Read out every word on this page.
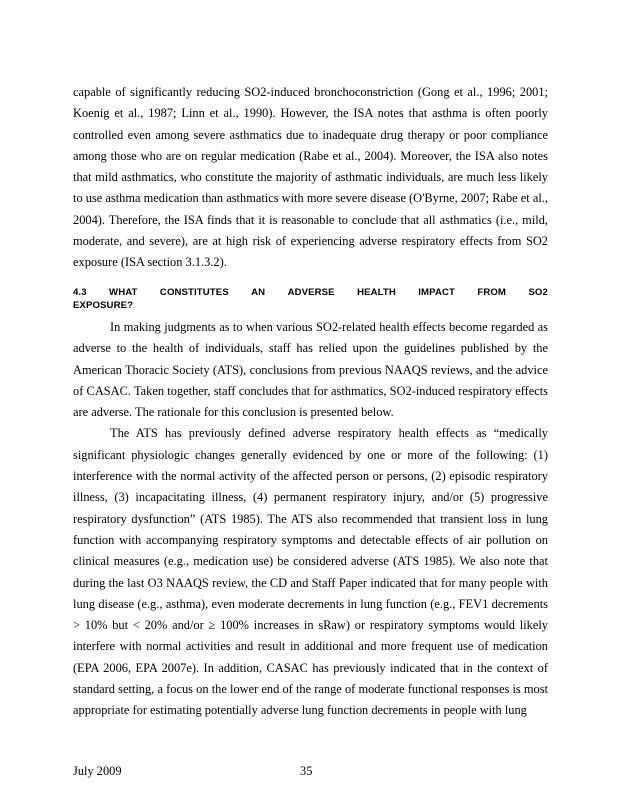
capable of significantly reducing SO2-induced bronchoconstriction (Gong et al., 1996; 2001; Koenig et al., 1987; Linn et al., 1990). However, the ISA notes that asthma is often poorly controlled even among severe asthmatics due to inadequate drug therapy or poor compliance among those who are on regular medication (Rabe et al., 2004). Moreover, the ISA also notes that mild asthmatics, who constitute the majority of asthmatic individuals, are much less likely to use asthma medication than asthmatics with more severe disease (O'Byrne, 2007; Rabe et al., 2004). Therefore, the ISA finds that it is reasonable to conclude that all asthmatics (i.e., mild, moderate, and severe), are at high risk of experiencing adverse respiratory effects from SO2 exposure (ISA section 3.1.3.2).

4.3 WHAT CONSTITUTES AN ADVERSE HEALTH IMPACT FROM SO2
EXPOSURE?

In making judgments as to when various SO2-related health effects become regarded as adverse to the health of individuals, staff has relied upon the guidelines published by the American Thoracic Society (ATS), conclusions from previous NAAQS reviews, and the advice of CASAC. Taken together, staff concludes that for asthmatics, SO2-induced respiratory effects are adverse. The rationale for this conclusion is presented below.

The ATS has previously defined adverse respiratory health effects as “medically significant physiologic changes generally evidenced by one or more of the following: (1) interference with the normal activity of the affected person or persons, (2) episodic respiratory illness, (3) incapacitating illness, (4) permanent respiratory injury, and/or (5) progressive respiratory dysfunction” (ATS 1985). The ATS also recommended that transient loss in lung function with accompanying respiratory symptoms and detectable effects of air pollution on clinical measures (e.g., medication use) be considered adverse (ATS 1985). We also note that during the last O3 NAAQS review, the CD and Staff Paper indicated that for many people with lung disease (e.g., asthma), even moderate decrements in lung function (e.g., FEV1 decrements > 10% but < 20% and/or ≥ 100% increases in sRaw) or respiratory symptoms would likely interfere with normal activities and result in additional and more frequent use of medication (EPA 2006, EPA 2007e). In addition, CASAC has previously indicated that in the context of standard setting, a focus on the lower end of the range of moderate functional responses is most appropriate for estimating potentially adverse lung function decrements in people with lung

July 2009	35
